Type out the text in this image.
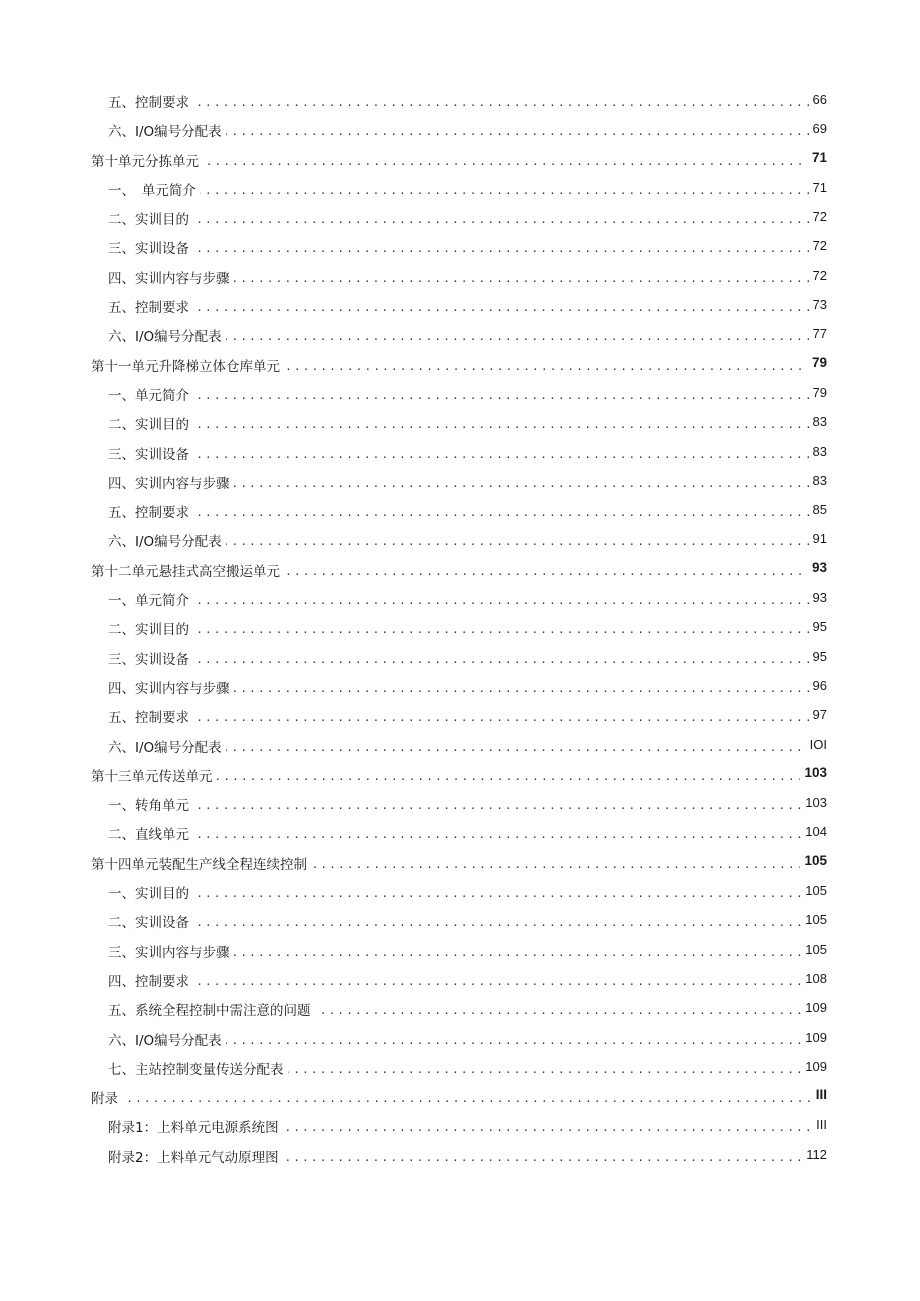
.....
五、控制要求	66
.....
六、I/O编号分配表	69
.....
第十单元分拣单元	71
.....
一、　单元简介	71
.....
二、实训目的	72
.....
三、实训设备	72
.....
四、实训内容与步骤	72
.....
五、控制要求	73
.....
六、I/O编号分配表	77
.....
第十一单元升降梯立体仓库单元	79
.....
一、单元简介	79
.....
二、实训目的	83
.....
三、实训设备	83
.....
四、实训内容与步骤	83
.....
五、控制要求	85
.....
六、I/O编号分配表	91
.....
第十二单元悬挂式高空搬运单元	93
.....
一、单元简介	93
.....
二、实训目的	95
.....
三、实训设备	95
.....
四、实训内容与步骤	96
.....
五、控制要求	97
.....
六、I/O编号分配表	IOI
.....
第十三单元传送单元	103
.....
一、转角单元	103
.....
二、直线单元	104
.....
第十四单元装配生产线全程连续控制	105
.....
一、实训目的	105
.....
二、实训设备	105
.....
三、实训内容与步骤	105
.....
四、控制要求	108
.....
五、系统全程控制中需注意的问题	109
.....
六、I/O编号分配表	109
.....
七、主站控制变量传送分配表	109
.....
附录	III
.....
附录1：上料单元电源系统图	III
.....
附录2：上料单元气动原理图	112
